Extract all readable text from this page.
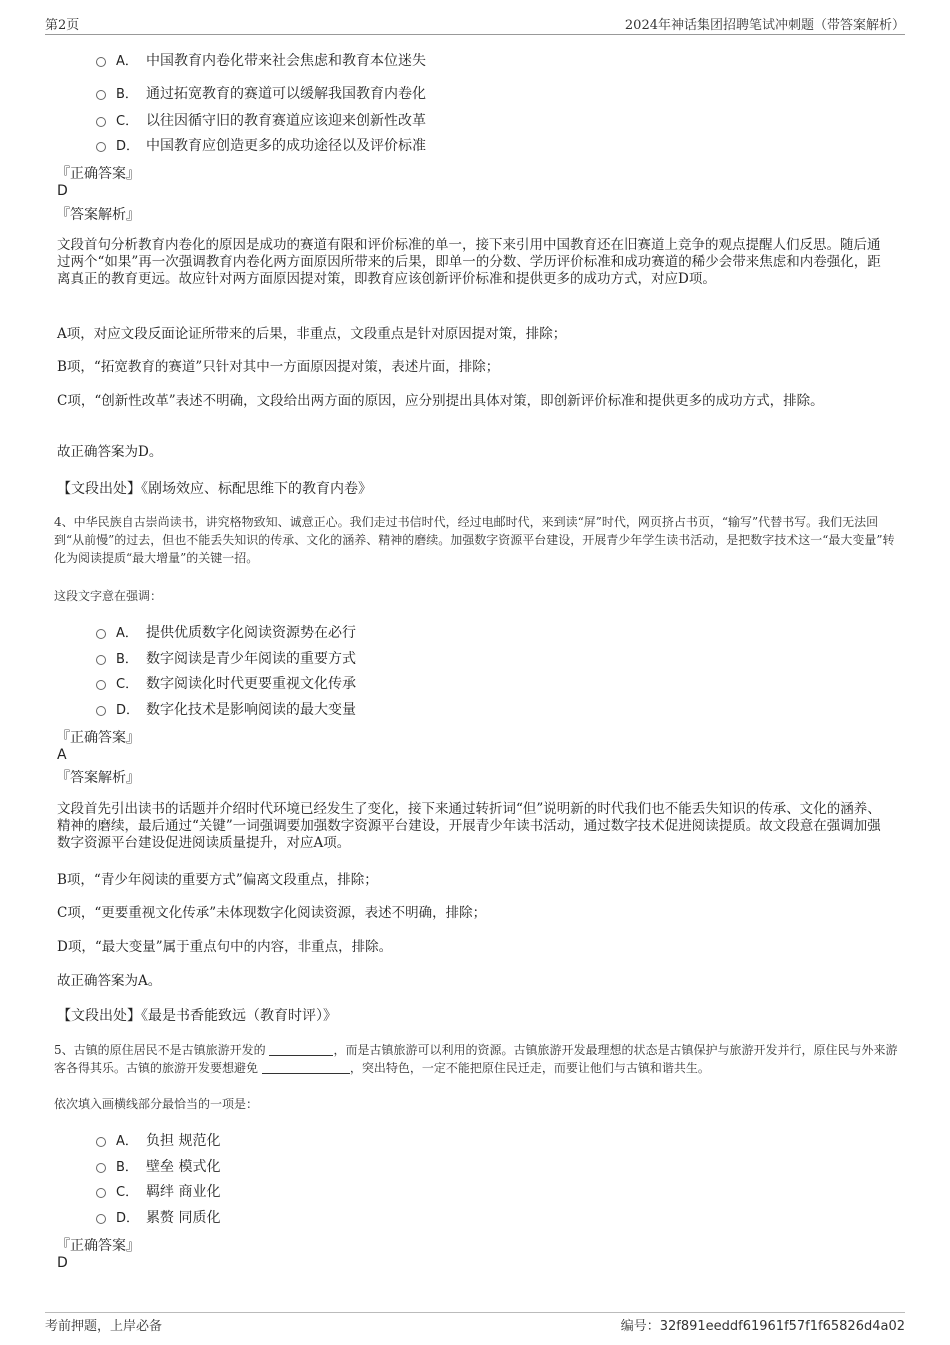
第2页	2024年神话集团招聘笔试冲刺题（带答案解析）
A． 中国教育内卷化带来社会焦虑和教育本位迷失
B． 通过拓宽教育的赛道可以缓解我国教育内卷化
C． 以往因循守旧的教育赛道应该迎来创新性改革
D． 中国教育应创造更多的成功途径以及评价标准
『正确答案』
D
『答案解析』
文段首句分析教育内卷化的原因是成功的赛道有限和评价标准的单一，接下来引用中国教育还在旧赛道上竞争的观点提醒人们反思。随后通过两个“如果”再一次强调教育内卷化两方面原因所带来的后果，即单一的分数、学历评价标准和成功赛道的稀少会带来焦虑和内卷强化，距离真正的教育更远。故应针对两方面原因提对策，即教育应该创新评价标准和提供更多的成功方式，对应D项。
A项，对应文段反面论证所带来的后果，非重点，文段重点是针对原因提对策，排除；
B项，“拓宽教育的赛道”只针对其中一方面原因提对策，表述片面，排除；
C项，“创新性改革”表述不明确，文段给出两方面的原因，应分别提出具体对策，即创新评价标准和提供更多的成功方式，排除。
故正确答案为D。
【文段出处】《剧场效应、标配思维下的教育内卷》
4、中华民族自古崇尚读书，讲究格物致知、诚意正心。我们走过书信时代，经过电邮时代，来到读“屏”时代，网页挤占书页，“输写”代替书写。我们无法回到“从前慢”的过去，但也不能丢失知识的传承、文化的涵养、精神的磨续。加强数字资源平台建设，开展青少年学生读书活动，是把数字技术这一“最大变量”转化为阅读提质“最大增量”的关键一招。
这段文字意在强调：
A． 提供优质数字化阅读资源势在必行
B． 数字阅读是青少年阅读的重要方式
C． 数字阅读化时代更要重视文化传承
D． 数字化技术是影响阅读的最大变量
『正确答案』
A
『答案解析』
文段首先引出读书的话题并介绍时代环境已经发生了变化，接下来通过转折词“但”说明新的时代我们也不能丢失知识的传承、文化的涵养、精神的磨续，最后通过“关键”一词强调要加强数字资源平台建设，开展青少年读书活动，通过数字技术促进阅读提质。故文段意在强调加强数字资源平台建设促进阅读质量提升，对应A项。
B项，“青少年阅读的重要方式”偏离文段重点，排除；
C项，“更要重视文化传承”未体现数字化阅读资源，表述不明确，排除；
D项，“最大变量”属于重点句中的内容，非重点，排除。
故正确答案为A。
【文段出处】《最是书香能致远（教育时评）》
5、古镇的原住居民不是古镇旅游开发的	，而是古镇旅游可以利用的资源。古镇旅游开发最理想的状态是古镇保护与旅游开发并行，原住民与外来游客各得其乐。古镇的旅游开发要想避免	，突出特色，一定不能把原住民迁走，而要让他们与古镇和谐共生。
依次填入画横线部分最恰当的一项是：
A． 负担 规范化
B． 壁垒 模式化
C． 羁绊 商业化
D． 累赘 同质化
『正确答案』
D
考前押题，上岸必备	编号：32f891eeddf61961f57f1f65826d4a02
